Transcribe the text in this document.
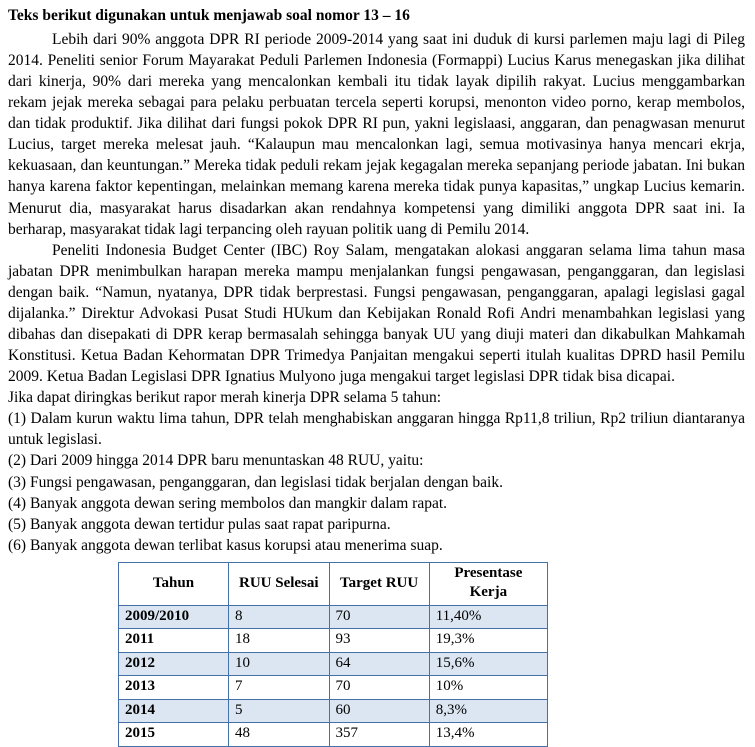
Teks berikut digunakan untuk menjawab soal nomor 13 – 16

Lebih dari 90% anggota DPR RI periode 2009-2014 yang saat ini duduk di kursi parlemen maju lagi di Pileg 2014. Peneliti senior Forum Mayarakat Peduli Parlemen Indonesia (Formappi) Lucius Karus menegaskan jika dilihat dari kinerja, 90% dari mereka yang mencalonkan kembali itu tidak layak dipilih rakyat. Lucius menggambarkan rekam jejak mereka sebagai para pelaku perbuatan tercela seperti korupsi, menonton video porno, kerap membolos, dan tidak produktif. Jika dilihat dari fungsi pokok DPR RI pun, yakni legislaasi, anggaran, dan penagwasan menurut Lucius, target mereka melesat jauh. “Kalaupun mau mencalonkan lagi, semua motivasinya hanya mencari ekrja, kekuasaan, dan keuntungan.” Mereka tidak peduli rekam jejak kegagalan mereka sepanjang periode jabatan. Ini bukan hanya karena faktor kepentingan, melainkan memang karena mereka tidak punya kapasitas,” ungkap Lucius kemarin. Menurut dia, masyarakat harus disadarkan akan rendahnya kompetensi yang dimiliki anggota DPR saat ini. Ia berharap, masyarakat tidak lagi terpancing oleh rayuan politik uang di Pemilu 2014.

Peneliti Indonesia Budget Center (IBC) Roy Salam, mengatakan alokasi anggaran selama lima tahun masa jabatan DPR menimbulkan harapan mereka mampu menjalankan fungsi pengawasan, penganggaran, dan legislasi dengan baik. “Namun, nyatanya, DPR tidak berprestasi. Fungsi pengawasan, penganggaran, apalagi legislasi gagal dijalanka.” Direktur Advokasi Pusat Studi HUkum dan Kebijakan Ronald Rofi Andri menambahkan legislasi yang dibahas dan disepakati di DPR kerap bermasalah sehingga banyak UU yang diuji materi dan dikabulkan Mahkamah Konstitusi. Ketua Badan Kehormatan DPR Trimedya Panjaitan mengakui seperti itulah kualitas DPRD hasil Pemilu 2009. Ketua Badan Legislasi DPR Ignatius Mulyono juga mengakui target legislasi DPR tidak bisa dicapai.

Jika dapat diringkas berikut rapor merah kinerja DPR selama 5 tahun:

(1) Dalam kurun waktu lima tahun, DPR telah menghabiskan anggaran hingga Rp11,8 triliun, Rp2 triliun diantaranya untuk legislasi.

(2) Dari 2009 hingga 2014 DPR baru menuntaskan 48 RUU, yaitu:

(3) Fungsi pengawasan, penganggaran, dan legislasi tidak berjalan dengan baik.

(4) Banyak anggota dewan sering membolos dan mangkir dalam rapat.

(5) Banyak anggota dewan tertidur pulas saat rapat paripurna.

(6) Banyak anggota dewan terlibat kasus korupsi atau menerima suap.

Tahun	RUU Selesai	Target RUU	Presentase Kerja
2009/2010	8	70	11,40%
2011	18	93	19,3%
2012	10	64	15,6%
2013	7	70	10%
2014	5	60	8,3%
2015	48	357	13,4%
